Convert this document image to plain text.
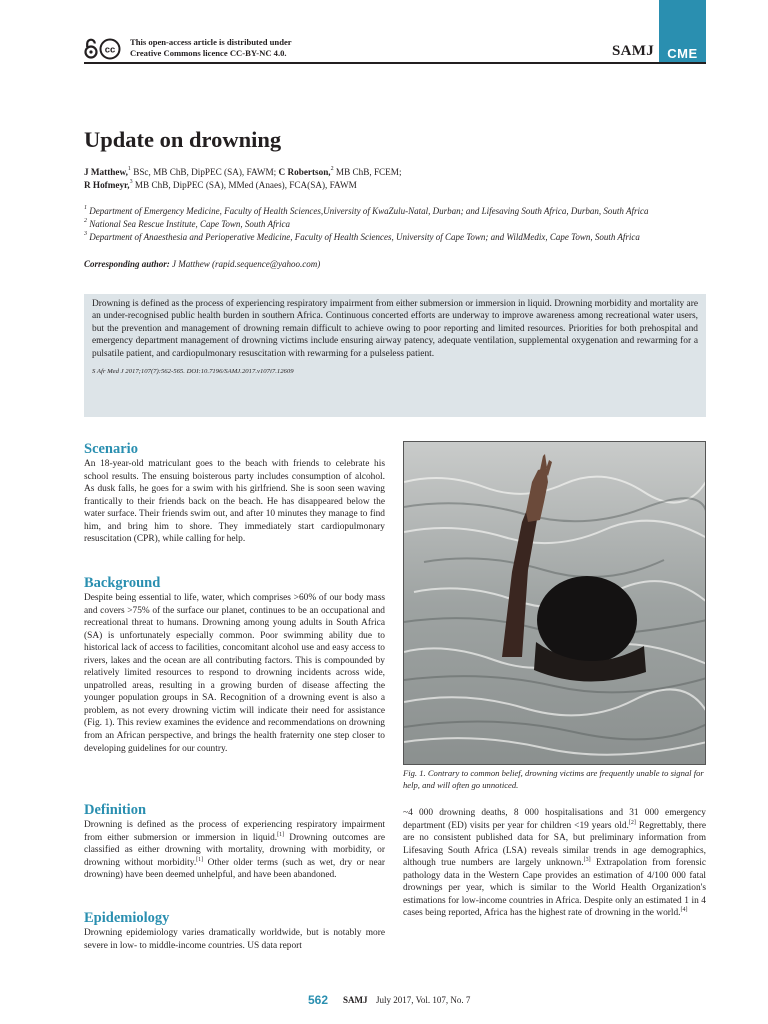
cc
This open-access article is distributed under
Creative Commons licence CC-BY-NC 4.0.	SAMJ	CME
Update on drowning
J Matthew,$^1$ BSc, MB ChB, DipPEC (SA), FAWM; C Robertson,$^2$ MB ChB, FCEM;
R Hofmeyr,$^3$ MB ChB, DipPEC (SA), MMed (Anaes), FCA(SA), FAWM
$^1$ Department of Emergency Medicine, Faculty of Health Sciences,University of KwaZulu-Natal, Durban; and Lifesaving South Africa, Durban, South Africa
$^2$ National Sea Rescue Institute, Cape Town, South Africa
$^3$ Department of Anaesthesia and Perioperative Medicine, Faculty of Health Sciences, University of Cape Town; and WildMedix, Cape Town, South Africa
Corresponding author: J Matthew (rapid.sequence@yahoo.com)

Drowning is defined as the process of experiencing respiratory impairment from either submersion or immersion in liquid. Drowning morbidity and mortality are an under-recognised public health burden in southern Africa. Continuous concerted efforts are underway to improve awareness among recreational water users, but the prevention and management of drowning remain difficult to achieve owing to poor reporting and limited resources. Priorities for both prehospital and emergency department management of drowning victims include ensuring airway patency, adequate ventilation, supplemental oxygenation and rewarming for a pulsatile patient, and cardiopulmonary resuscitation with rewarming for a pulseless patient.

S Afr Med J 2017;107(7):562-565. DOI:10.7196/SAMJ.2017.v107i7.12609

Scenario

An 18-year-old matriculant goes to the beach with friends to celebrate his school results. The ensuing boisterous party includes consumption of alcohol. As dusk falls, he goes for a swim with his girlfriend. She is soon seen waving frantically to their friends back on the beach. He has disappeared below the water surface. Their friends swim out, and after 10 minutes they manage to find him, and bring him to shore. They immediately start cardiopulmonary resuscitation (CPR), while calling for help.

Background

Despite being essential to life, water, which comprises >60% of our body mass and covers >75% of the surface our planet, continues to be an occupational and recreational threat to humans. Drowning among young adults in South Africa (SA) is unfortunately especially common. Poor swimming ability due to historical lack of access to facilities, concomitant alcohol use and easy access to rivers, lakes and the ocean are all contributing factors. This is compounded by relatively limited resources to respond to drowning incidents across wide, unpatrolled areas, resulting in a growing burden of disease affecting the younger population groups in SA. Recognition of a drowning event is also a problem, as not every drowning victim will indicate their need for assistance (Fig. 1). This review examines the evidence and recommendations on drowning from an African perspective, and brings the health fraternity one step closer to developing guidelines for our country.

Definition

Drowning is defined as the process of experiencing respiratory impairment from either submersion or immersion in liquid.[1] Drowning outcomes are classified as either drowning with mortality, drowning with morbidity, or drowning without morbidity.[1] Other older terms (such as wet, dry or near drowning) have been deemed unhelpful, and have been abandoned.

Epidemiology

Drowning epidemiology varies dramatically worldwide, but is notably more severe in low- to middle-income countries. US data report

Fig. 1. Contrary to common belief, drowning victims are frequently unable to signal for help, and will often go unnoticed.

~4 000 drowning deaths, 8 000 hospitalisations and 31 000 emergency department (ED) visits per year for children <19 years old.[2] Regrettably, there are no consistent published data for SA, but preliminary information from Lifesaving South Africa (LSA) reveals similar trends in age demographics, although true numbers are largely unknown.[3] Extrapolation from forensic pathology data in the Western Cape provides an estimation of 4/100 000 fatal drownings per year, which is similar to the World Health Organization's estimations for low-income countries in Africa. Despite only an estimated 1 in 4 cases being reported, Africa has the highest rate of drowning in the world.[4]

562 SAMJ July 2017, Vol. 107, No. 7
